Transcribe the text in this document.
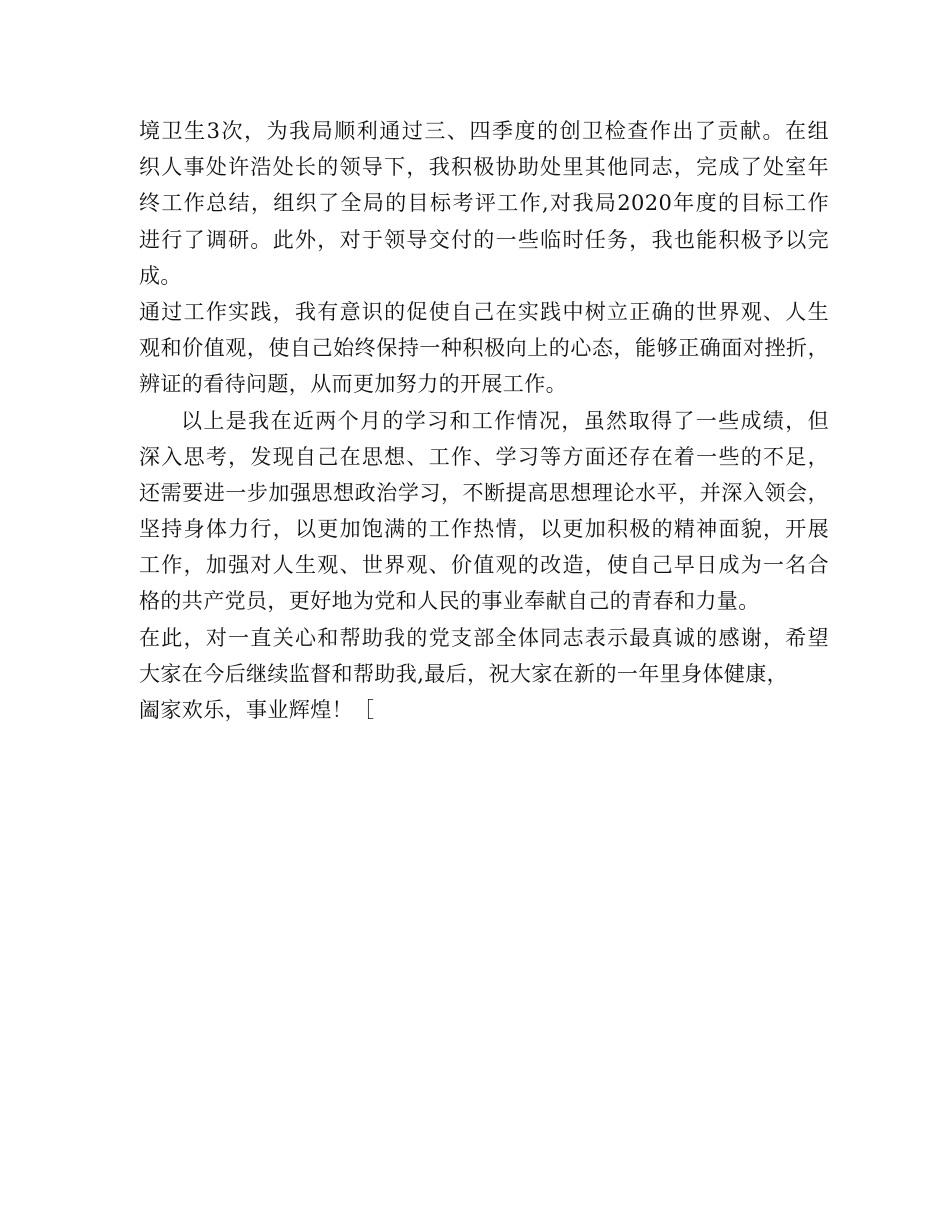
境卫生3次，为我局顺利通过三、四季度的创卫检查作出了贡献。在组
织人事处许浩处长的领导下，我积极协助处里其他同志，完成了处室年
终工作总结，组织了全局的目标考评工作,对我局2020年度的目标工作
进行了调研。此外，对于领导交付的一些临时任务，我也能积极予以完
成。
通过工作实践，我有意识的促使自己在实践中树立正确的世界观、人生
观和价值观，使自己始终保持一种积极向上的心态，能够正确面对挫折，
辨证的看待问题，从而更加努力的开展工作。
以上是我在近两个月的学习和工作情况，虽然取得了一些成绩，但
深入思考，发现自己在思想、工作、学习等方面还存在着一些的不足，
还需要进一步加强思想政治学习，不断提高思想理论水平，并深入领会，
坚持身体力行，以更加饱满的工作热情，以更加积极的精神面貌，开展
工作，加强对人生观、世界观、价值观的改造，使自己早日成为一名合
格的共产党员，更好地为党和人民的事业奉献自己的青春和力量。
在此，对一直关心和帮助我的党支部全体同志表示最真诚的感谢，希望
大家在今后继续监督和帮助我,最后，祝大家在新的一年里身体健康，
阖家欢乐，事业辉煌！［
